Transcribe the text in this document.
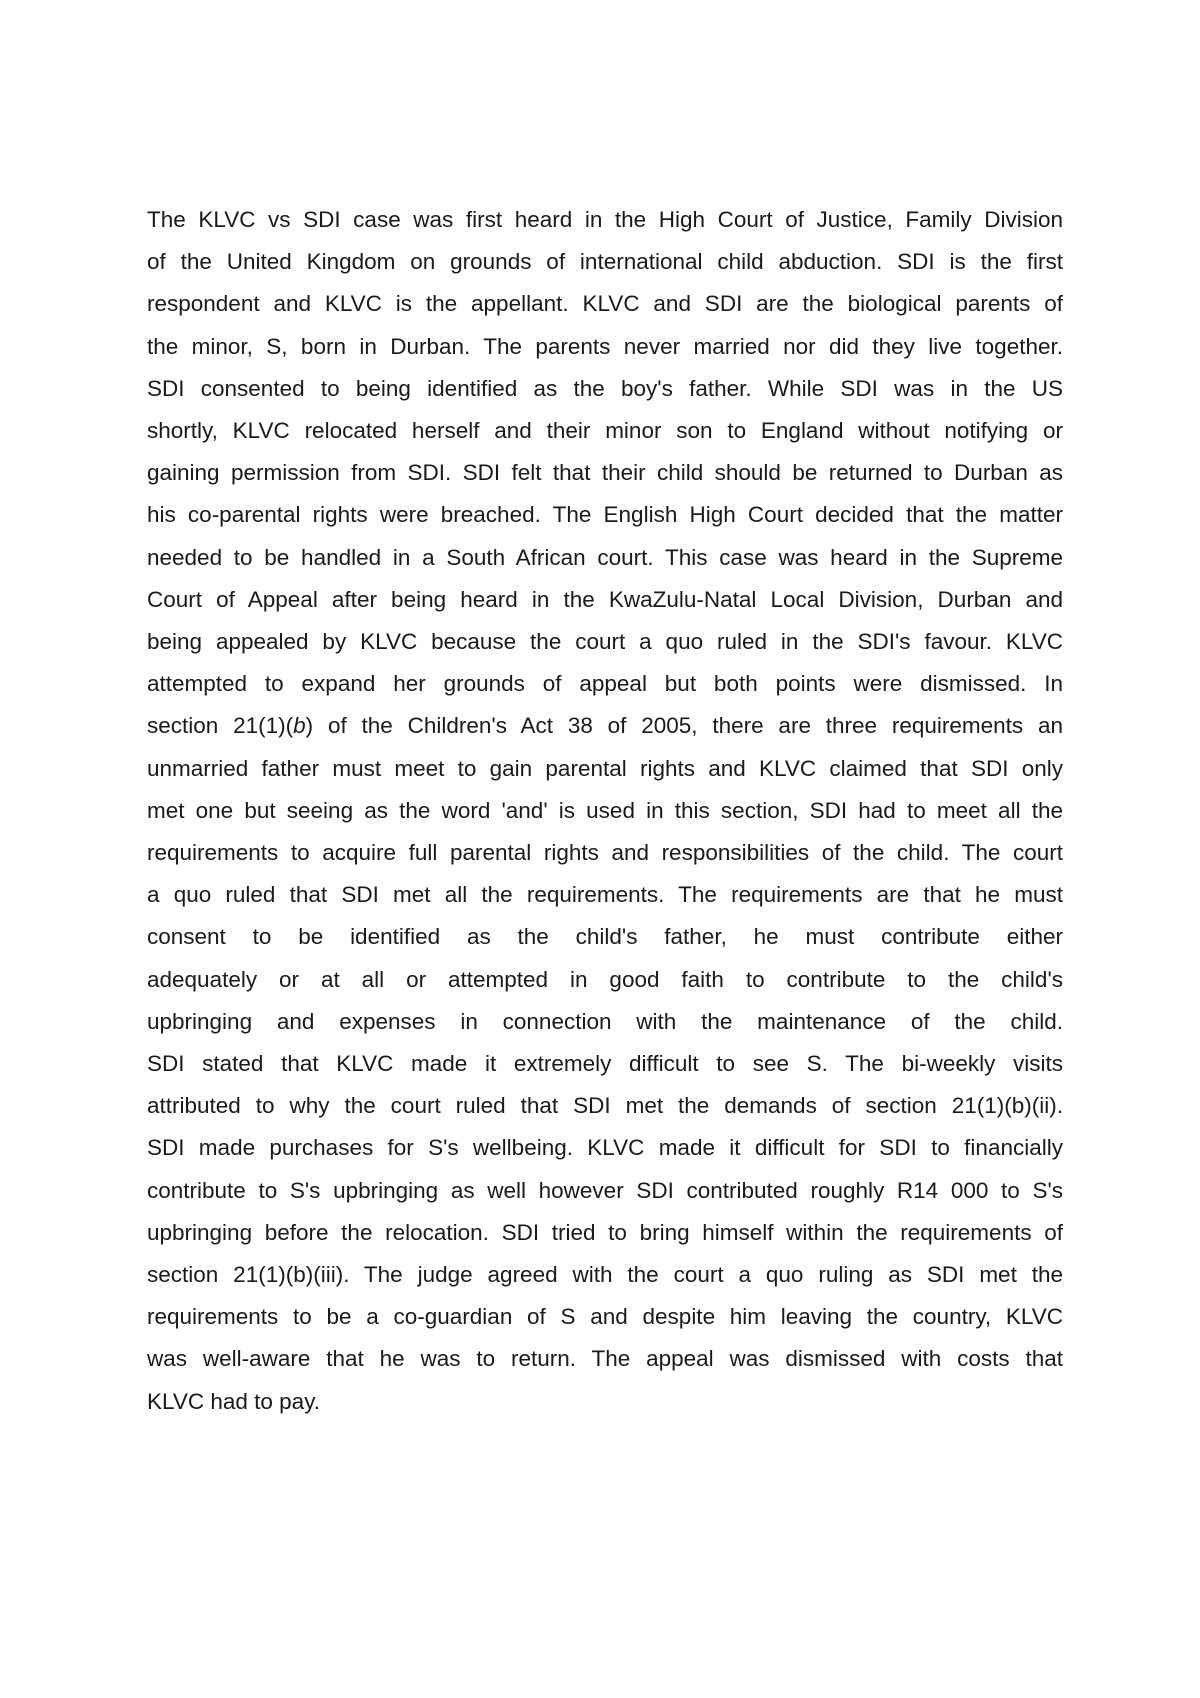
The KLVC vs SDI case was first heard in the High Court of Justice, Family Division
of the United Kingdom on grounds of international child abduction. SDI is the first
respondent and KLVC is the appellant. KLVC and SDI are the biological parents of
the minor, S, born in Durban. The parents never married nor did they live together.
SDI consented to being identified as the boy's father. While SDI was in the US
shortly, KLVC relocated herself and their minor son to England without notifying or
gaining permission from SDI. SDI felt that their child should be returned to Durban as
his co-parental rights were breached. The English High Court decided that the matter
needed to be handled in a South African court. This case was heard in the Supreme
Court of Appeal after being heard in the KwaZulu-Natal Local Division, Durban and
being appealed by KLVC because the court a quo ruled in the SDI's favour. KLVC
attempted to expand her grounds of appeal but both points were dismissed. In
section 21(1)(b) of the Children's Act 38 of 2005, there are three requirements an
unmarried father must meet to gain parental rights and KLVC claimed that SDI only
met one but seeing as the word 'and' is used in this section, SDI had to meet all the
requirements to acquire full parental rights and responsibilities of the child. The court
a quo ruled that SDI met all the requirements. The requirements are that he must
consent to be identified as the child's father, he must contribute either
adequately or at all or attempted in good faith to contribute to the child's
upbringing and expenses in connection with the maintenance of the child.
SDI stated that KLVC made it extremely difficult to see S. The bi-weekly visits
attributed to why the court ruled that SDI met the demands of section 21(1)(b)(ii).
SDI made purchases for S's wellbeing. KLVC made it difficult for SDI to financially
contribute to S's upbringing as well however SDI contributed roughly R14 000 to S's
upbringing before the relocation. SDI tried to bring himself within the requirements of
section 21(1)(b)(iii). The judge agreed with the court a quo ruling as SDI met the
requirements to be a co-guardian of S and despite him leaving the country, KLVC
was well-aware that he was to return. The appeal was dismissed with costs that
KLVC had to pay.
